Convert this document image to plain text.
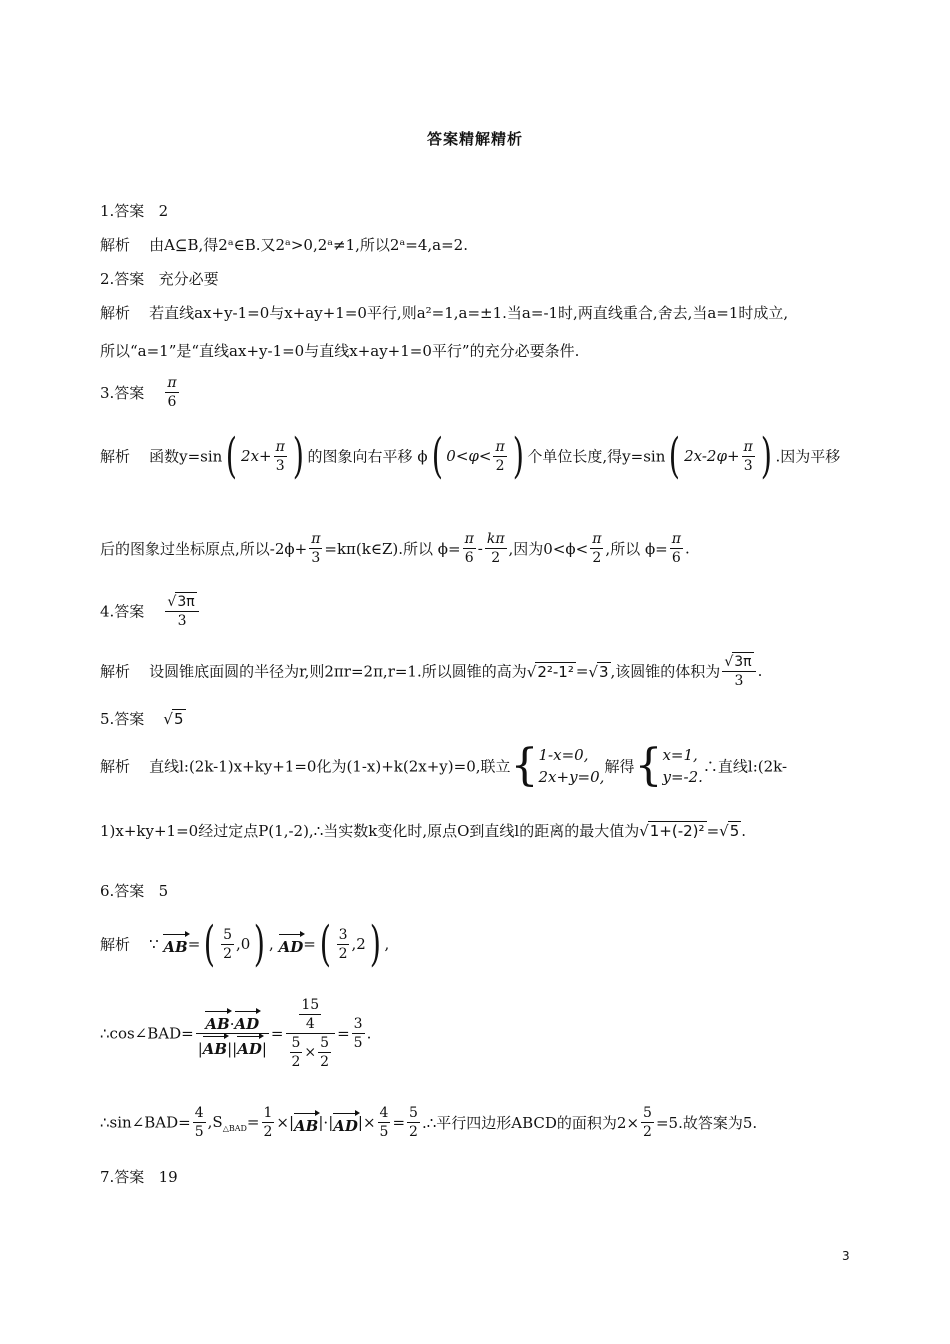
答案精解精析
1.答案 2
解析 由A⊆B,得2ᵃ∈B.又2ᵃ>0,2ᵃ≠1,所以2ᵃ=4,a=2.
2.答案 充分必要
解析 若直线ax+y-1=0与x+ay+1=0平行,则a²=1,a=±1.当a=-1时,两直线重合,舍去,当a=1时成立,
所以“a=1”是“直线ax+y-1=0与直线x+ay+1=0平行”的充分必要条件.
3.答案 $\frac{\pi}{6}$
解析 函数y=sin( $2x+ \frac{\pi}{3}$ ) 的图象向右平移 ϕ( $0<\varphi< \frac{\pi}{2}$ ) 个单位长度,得y=sin( $2x-2\varphi+ \frac{\pi}{3}$ ) .因为平移
后的图象过坐标原点,所以$-2\phi+ \frac{\pi}{3}$ =kπ(k∈Z).所以 $\phi= \frac{\pi}{6} - \frac{k\pi}{2}$ ,因为$0<\phi< \frac{\pi}{2}$ ,所以 $\phi= \frac{\pi}{6}$ .
4.答案 $\frac{√3\pi}{3}$
解析 设圆锥底面圆的半径为r,则2πr=2π,r=1.所以圆锥的高为√2²-1² =√3 ,该圆锥的体积为 $\frac{√3\pi}{3}$ .
5.答案    √5
解析 直线l:(2k-1)x+ky+1=0化为(1-x)+k(2x+y)=0,联立{ 1-x=0,
2x+y=0,
解得{ x=1,
y=-2.
∴直线l:(2k-
1)x+ky+1=0经过定点P(1,-2),∴当实数k变化时,原点O到直线l的距离的最大值为√1+(-2)² =√5 .
6.答案 5
解析 ∵ $AB=( \frac{5}{2} ,0)$ , $AD=( \frac{3}{2} ,2)$ ,
∴cos∠BAD= $\frac{AB\cdot AD}{|AB||AD|} = \frac{\frac{15}{4}}{\frac{5}{2} \times \frac{5}{2}} = \frac{3}{5}$ .
∴sin∠BAD= $\frac{4}{5} ,S_{\triangle BAD}= \frac{1}{2} \times|AB|\cdot|AD|\times \frac{4}{5} = \frac{5}{2}$ .∴平行四边形ABCD的面积为$2\times \frac{5}{2} =5$.故答案为5.
7.答案 19
3
